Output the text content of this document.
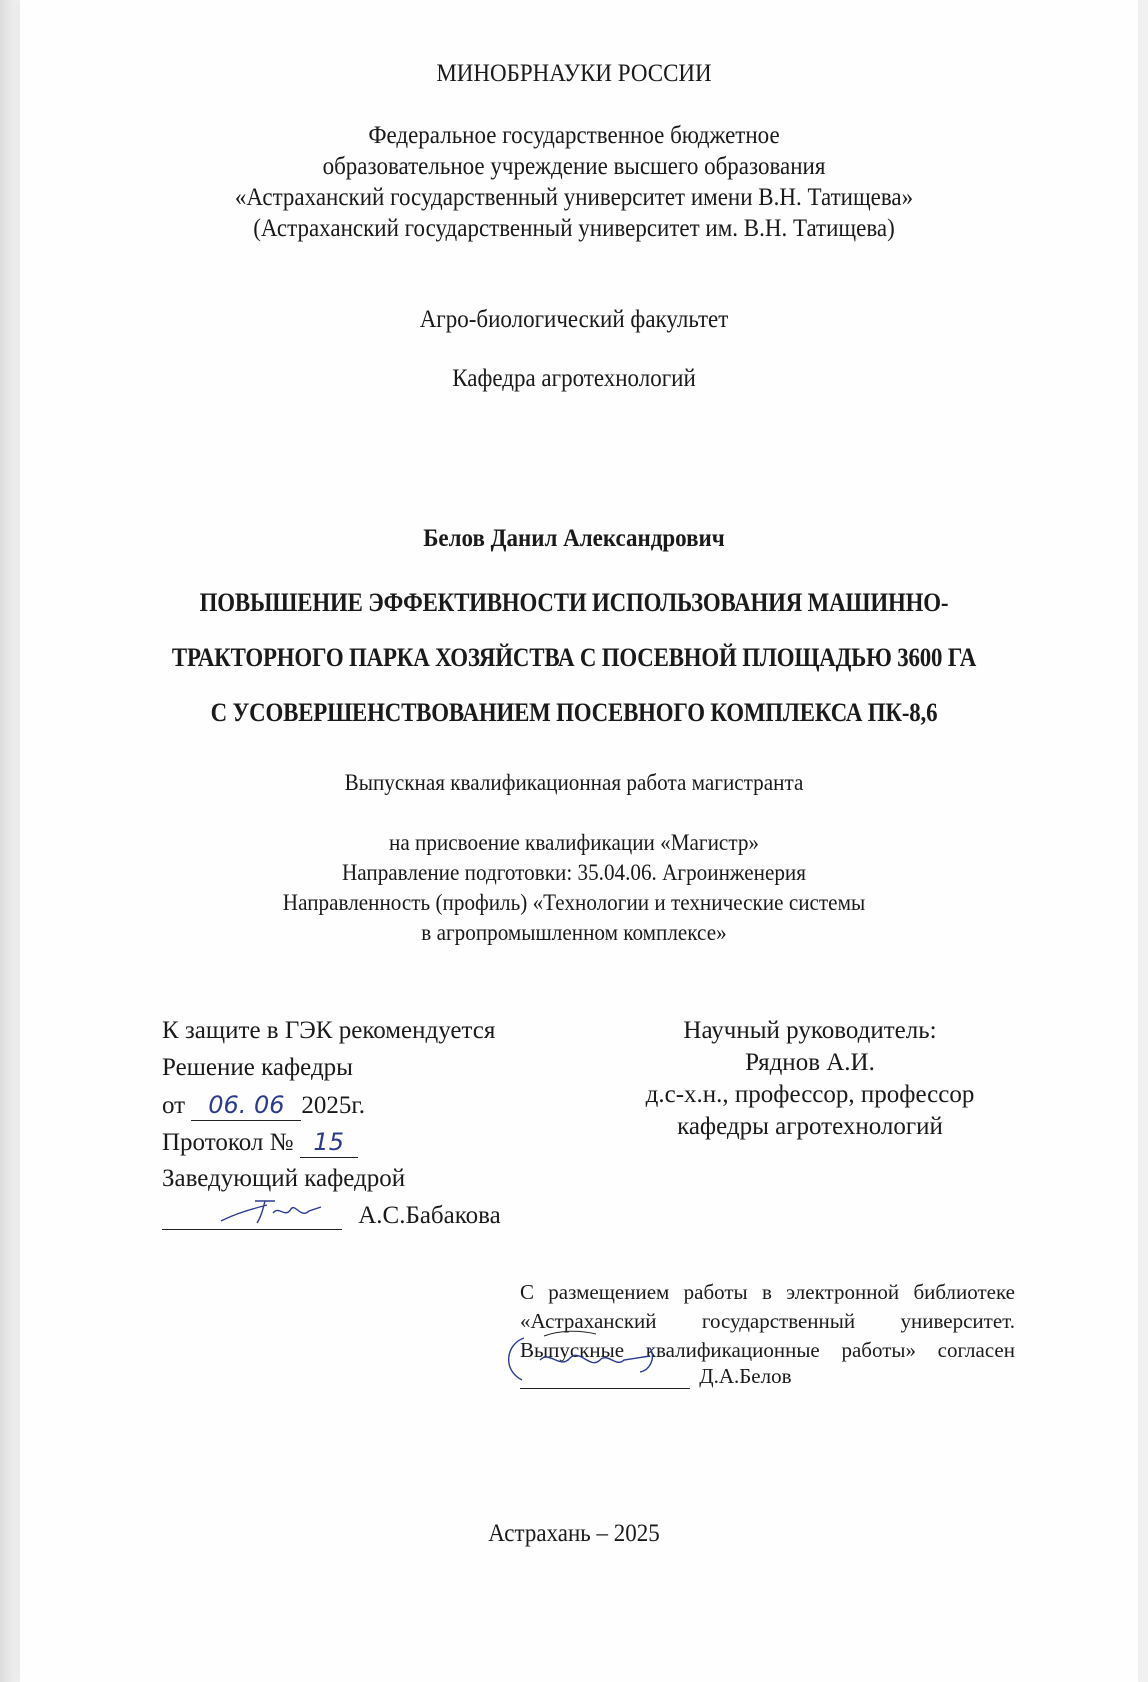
МИНОБРНАУКИ РОССИИ
Федеральное государственное бюджетное
образовательное учреждение высшего образования
«Астраханский государственный университет имени В.Н. Татищева»
(Астраханский государственный университет им. В.Н. Татищева)
Агро-биологический факультет
Кафедра агротехнологий
Белов Данил Александрович
ПОВЫШЕНИЕ ЭФФЕКТИВНОСТИ ИСПОЛЬЗОВАНИЯ МАШИННО-
ТРАКТОРНОГО ПАРКА ХОЗЯЙСТВА С ПОСЕВНОЙ ПЛОЩАДЬЮ 3600 ГА
С УСОВЕРШЕНСТВОВАНИЕМ ПОСЕВНОГО КОМПЛЕКСА ПК-8,6
Выпускная квалификационная работа магистранта
на присвоение квалификации «Магистр»
Направление подготовки: 35.04.06. Агроинженерия
Направленность (профиль) «Технологии и технические системы
в агропромышленном комплексе»
К защите в ГЭК рекомендуется
Решение кафедры
от 06. 06 2025г.
Протокол № 15
Заведующий кафедрой
А.С.Бабакова
Научный руководитель:
Ряднов А.И.
д.с-х.н., профессор, профессор
кафедры агротехнологий
С размещением работы в электронной библиотеке
«Астраханский государственный университет.
Выпускные квалификационные работы» согласен
Д.А.Белов
Астрахань – 2025
